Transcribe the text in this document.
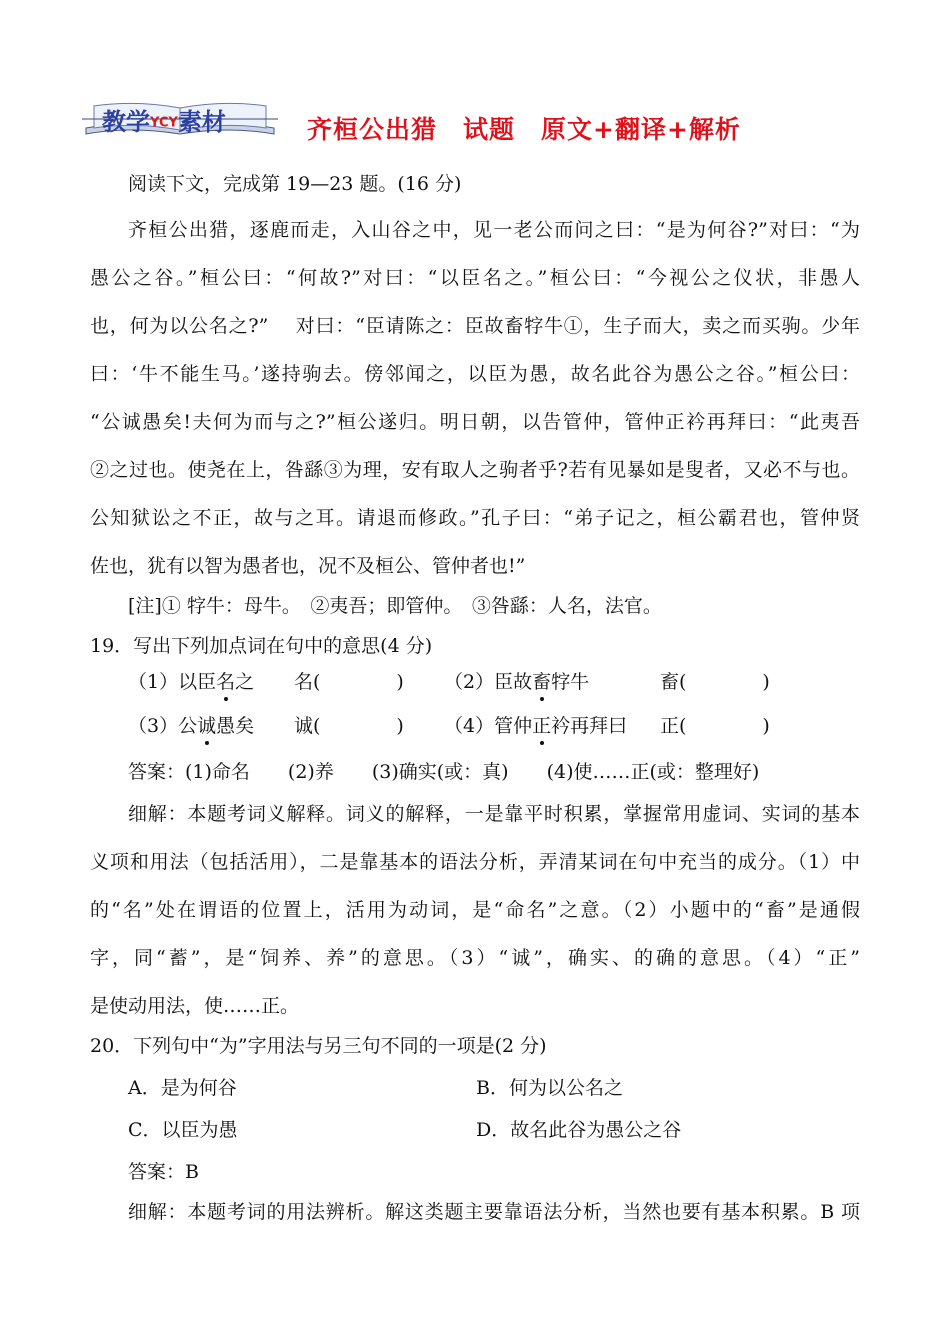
教学YCY素材	齐桓公出猎　试题　原文+翻译+解析
阅读下文，完成第 19—23 题。(16 分)
齐桓公出猎，逐鹿而走，入山谷之中，见一老公而问之曰：“是为何谷?”对曰：“为
愚公之谷。”桓公曰：“何故?”对曰：“以臣名之。”桓公曰：“今视公之仪状，非愚人
也，何为以公名之?”　 对曰：“臣请陈之：臣故畜牸牛①，生子而大，卖之而买驹。少年
曰：‘牛不能生马。’遂持驹去。傍邻闻之，以臣为愚，故名此谷为愚公之谷。”桓公曰：
“公诚愚矣!夫何为而与之?”桓公遂归。明日朝，以告管仲，管仲正衿再拜曰：“此夷吾
②之过也。使尧在上，咎繇③为理，安有取人之驹者乎?若有见暴如是叟者，又必不与也。
公知狱讼之不正，故与之耳。请退而修政。”孔子曰：“弟子记之，桓公霸君也，管仲贤
佐也，犹有以智为愚者也，况不及桓公、管仲者也!”
[注]① 牸牛：母牛。　②夷吾；即管仲。　③咎繇：人名，法官。
19．写出下列加点词在句中的意思(4 分)
（1）以臣名之 名(　　　　) （2）臣故畜牸牛	畜(　　　　)
（3）公诚愚矣 诚(　　　　) （4）管仲正衿再拜曰 正(　　　　)
答案：(1)命名　　(2)养　　(3)确实(或：真)　　(4)使……正(或：整理好)
细解：本题考词义解释。词义的解释，一是靠平时积累，掌握常用虚词、实词的基本
义项和用法（包括活用），二是靠基本的语法分析，弄清某词在句中充当的成分。（1）中
的“名”处在谓语的位置上，活用为动词，是“命名”之意。（2）小题中的“畜”是通假
字，同“蓄”，是“饲养、养”的意思。（3）“诚”，确实、的确的意思。（4）“正”
是使动用法，使……正。
20．下列句中“为”字用法与另三句不同的一项是(2 分)
A．是为何谷	B．何为以公名之
C．以臣为愚	D．故名此谷为愚公之谷
答案：B
细解：本题考词的用法辨析。解这类题主要靠语法分析，当然也要有基本积累。B 项
